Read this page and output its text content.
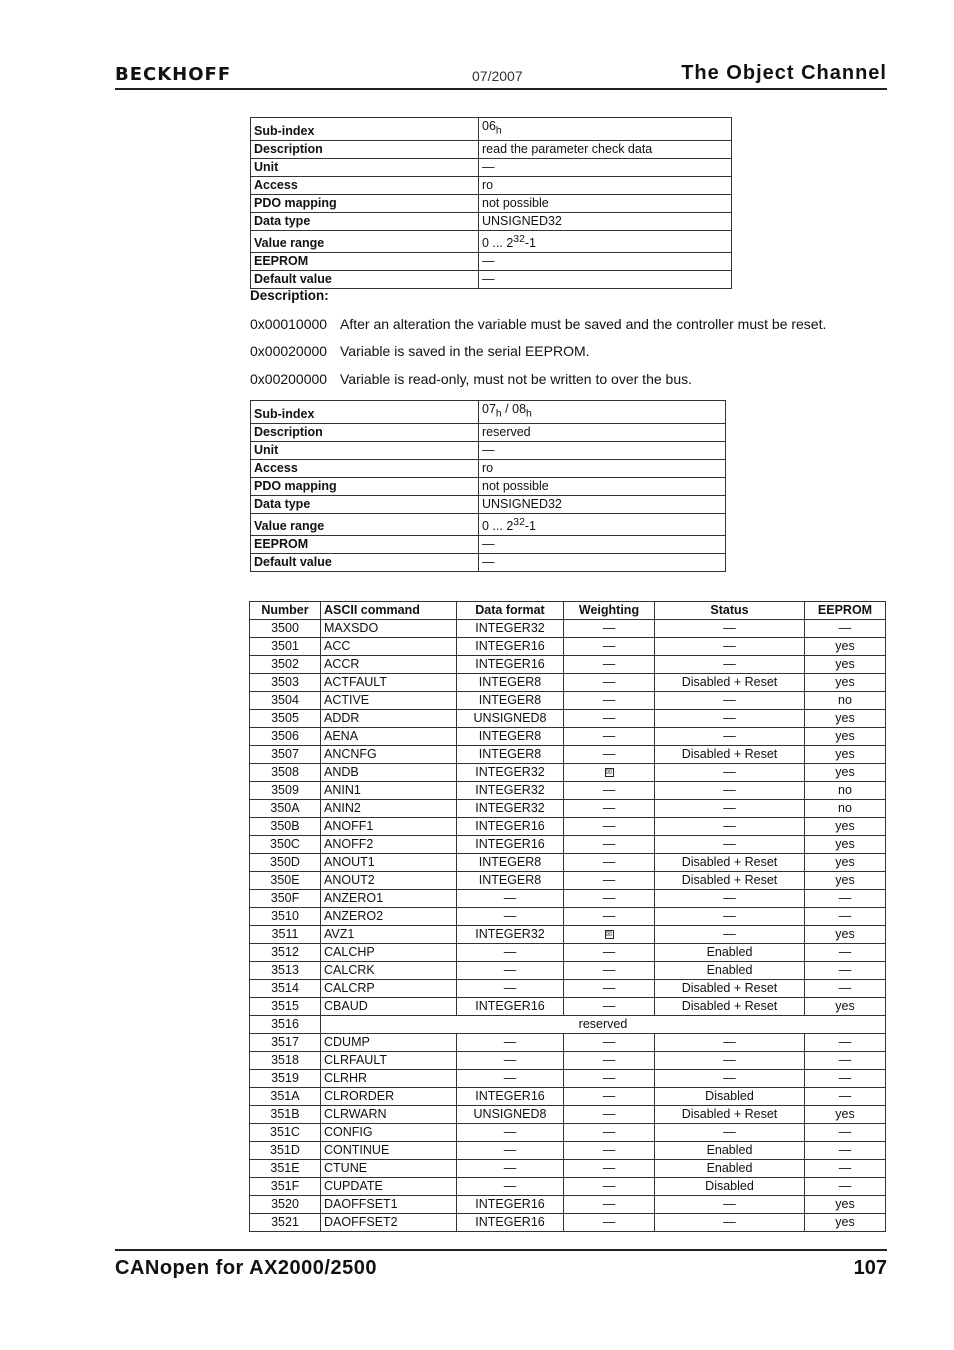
BECKHOFF	07/2007	The Object Channel
Sub-index	$06_h$
Description	read the parameter check data
Unit	—
Access	ro
PDO mapping	not possible
Data type	UNSIGNED32
Value range	0 ... $2^{32}-1$
EEPROM	—
Default value	—
Description:
0x00010000 After an alteration the variable must be saved and the controller must be reset.
0x00020000 Variable is saved in the serial EEPROM.
0x00200000 Variable is read-only, must not be written to over the bus.
Sub-index	$07_h / 08_h$
Description	reserved
Unit	—
Access	ro
PDO mapping	not possible
Data type	UNSIGNED32
Value range	0 ... $2^{32}-1$
EEPROM	—
Default value	—
Number	ASCII command	Data format	Weighting	Status	EEPROM
3500	MAXSDO	INTEGER32	—	—	—
3501	ACC	INTEGER16	—	—	yes
3502	ACCR	INTEGER16	—	—	yes
3503	ACTFAULT	INTEGER8	—	Disabled + Reset	yes
3504	ACTIVE	INTEGER8	—	—	no
3505	ADDR	UNSIGNED8	—	—	yes
3506	AENA	INTEGER8	—	—	yes
3507	ANCNFG	INTEGER8	—	Disabled + Reset	yes
3508	ANDB	INTEGER32	☒	—	yes
3509	ANIN1	INTEGER32	—	—	no
350A	ANIN2	INTEGER32	—	—	no
350B	ANOFF1	INTEGER16	—	—	yes
350C	ANOFF2	INTEGER16	—	—	yes
350D	ANOUT1	INTEGER8	—	Disabled + Reset	yes
350E	ANOUT2	INTEGER8	—	Disabled + Reset	yes
350F	ANZERO1	—	—	—	—
3510	ANZERO2	—	—	—	—
3511	AVZ1	INTEGER32	☒	—	yes
3512	CALCHP	—	—	Enabled	—
3513	CALCRK	—	—	Enabled	—
3514	CALCRP	—	—	Disabled + Reset	—
3515	CBAUD	INTEGER16	—	Disabled + Reset	yes
3516	reserved				
3517	CDUMP	—	—	—	—
3518	CLRFAULT	—	—	—	—
3519	CLRHR	—	—	—	—
351A	CLRORDER	INTEGER16	—	Disabled	—
351B	CLRWARN	UNSIGNED8	—	Disabled + Reset	yes
351C	CONFIG	—	—	—	—
351D	CONTINUE	—	—	Enabled	—
351E	CTUNE	—	—	Enabled	—
351F	CUPDATE	—	—	Disabled	—
3520	DAOFFSET1	INTEGER16	—	—	yes
3521	DAOFFSET2	INTEGER16	—	—	yes
CANopen for AX2000/2500	107
